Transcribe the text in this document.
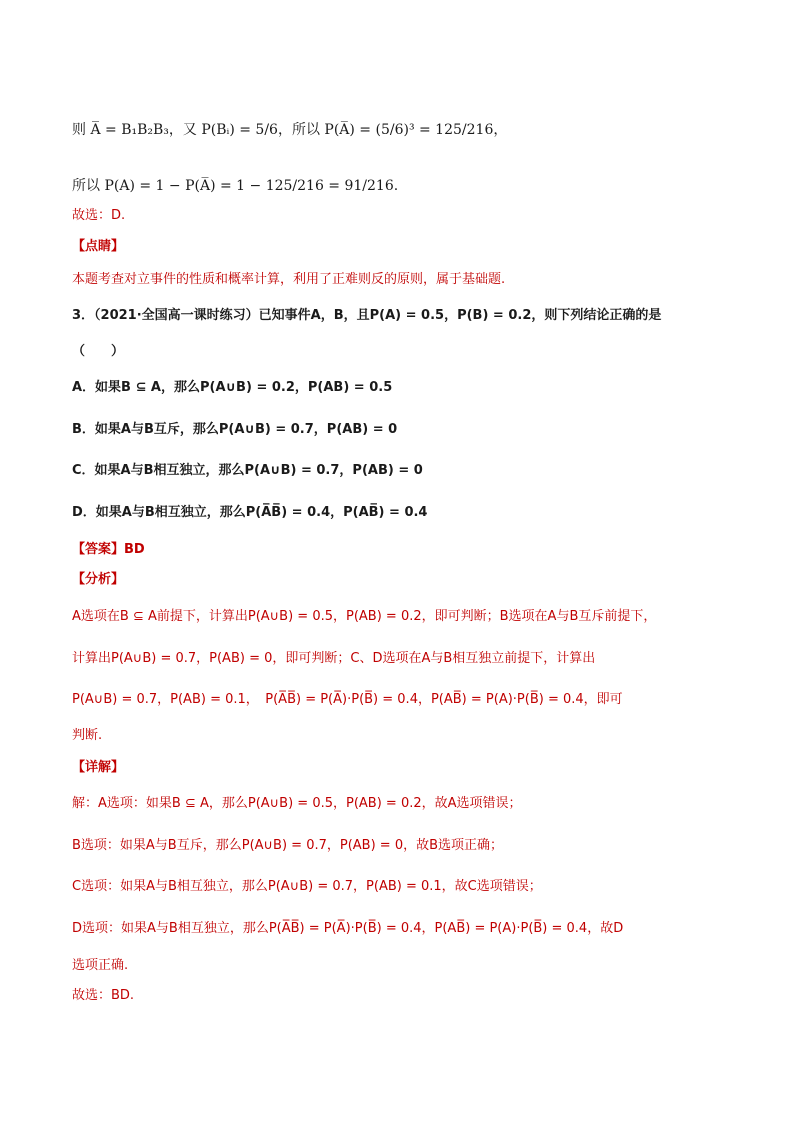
则 A̅ = B₁B₂B₃，又 P(Bᵢ) = 5/6，所以 P(A̅) = (5/6)³ = 125/216，
所以 P(A) = 1 − P(A̅) = 1 − 125/216 = 91/216.
故选：D.
【点睛】
本题考查对立事件的性质和概率计算，利用了正难则反的原则，属于基础题.
3．（2021·全国高一课时练习）已知事件A，B，且P(A) = 0.5，P(B) = 0.2，则下列结论正确的是
（　　）
A．如果B ⊆ A，那么P(A∪B) = 0.2，P(AB) = 0.5
B．如果A与B互斥，那么P(A∪B) = 0.7，P(AB) = 0
C．如果A与B相互独立，那么P(A∪B) = 0.7，P(AB) = 0
D．如果A与B相互独立，那么P(A̅B̅) = 0.4，P(AB̅) = 0.4
【答案】BD
【分析】
A选项在B ⊆ A前提下，计算出P(A∪B) = 0.5，P(AB) = 0.2，即可判断；B选项在A与B互斥前提下，
计算出P(A∪B) = 0.7，P(AB) = 0，即可判断；C、D选项在A与B相互独立前提下，计算出
P(A∪B) = 0.7，P(AB) = 0.1，　P(A̅B̅) = P(A̅)·P(B̅) = 0.4，P(AB̅) = P(A)·P(B̅) = 0.4，即可
判断.
【详解】
解：A选项：如果B ⊆ A，那么P(A∪B) = 0.5，P(AB) = 0.2，故A选项错误；
B选项：如果A与B互斥，那么P(A∪B) = 0.7，P(AB) = 0，故B选项正确；
C选项：如果A与B相互独立，那么P(A∪B) = 0.7，P(AB) = 0.1，故C选项错误；
D选项：如果A与B相互独立，那么P(A̅B̅) = P(A̅)·P(B̅) = 0.4，P(AB̅) = P(A)·P(B̅) = 0.4，故D
选项正确.
故选：BD.
